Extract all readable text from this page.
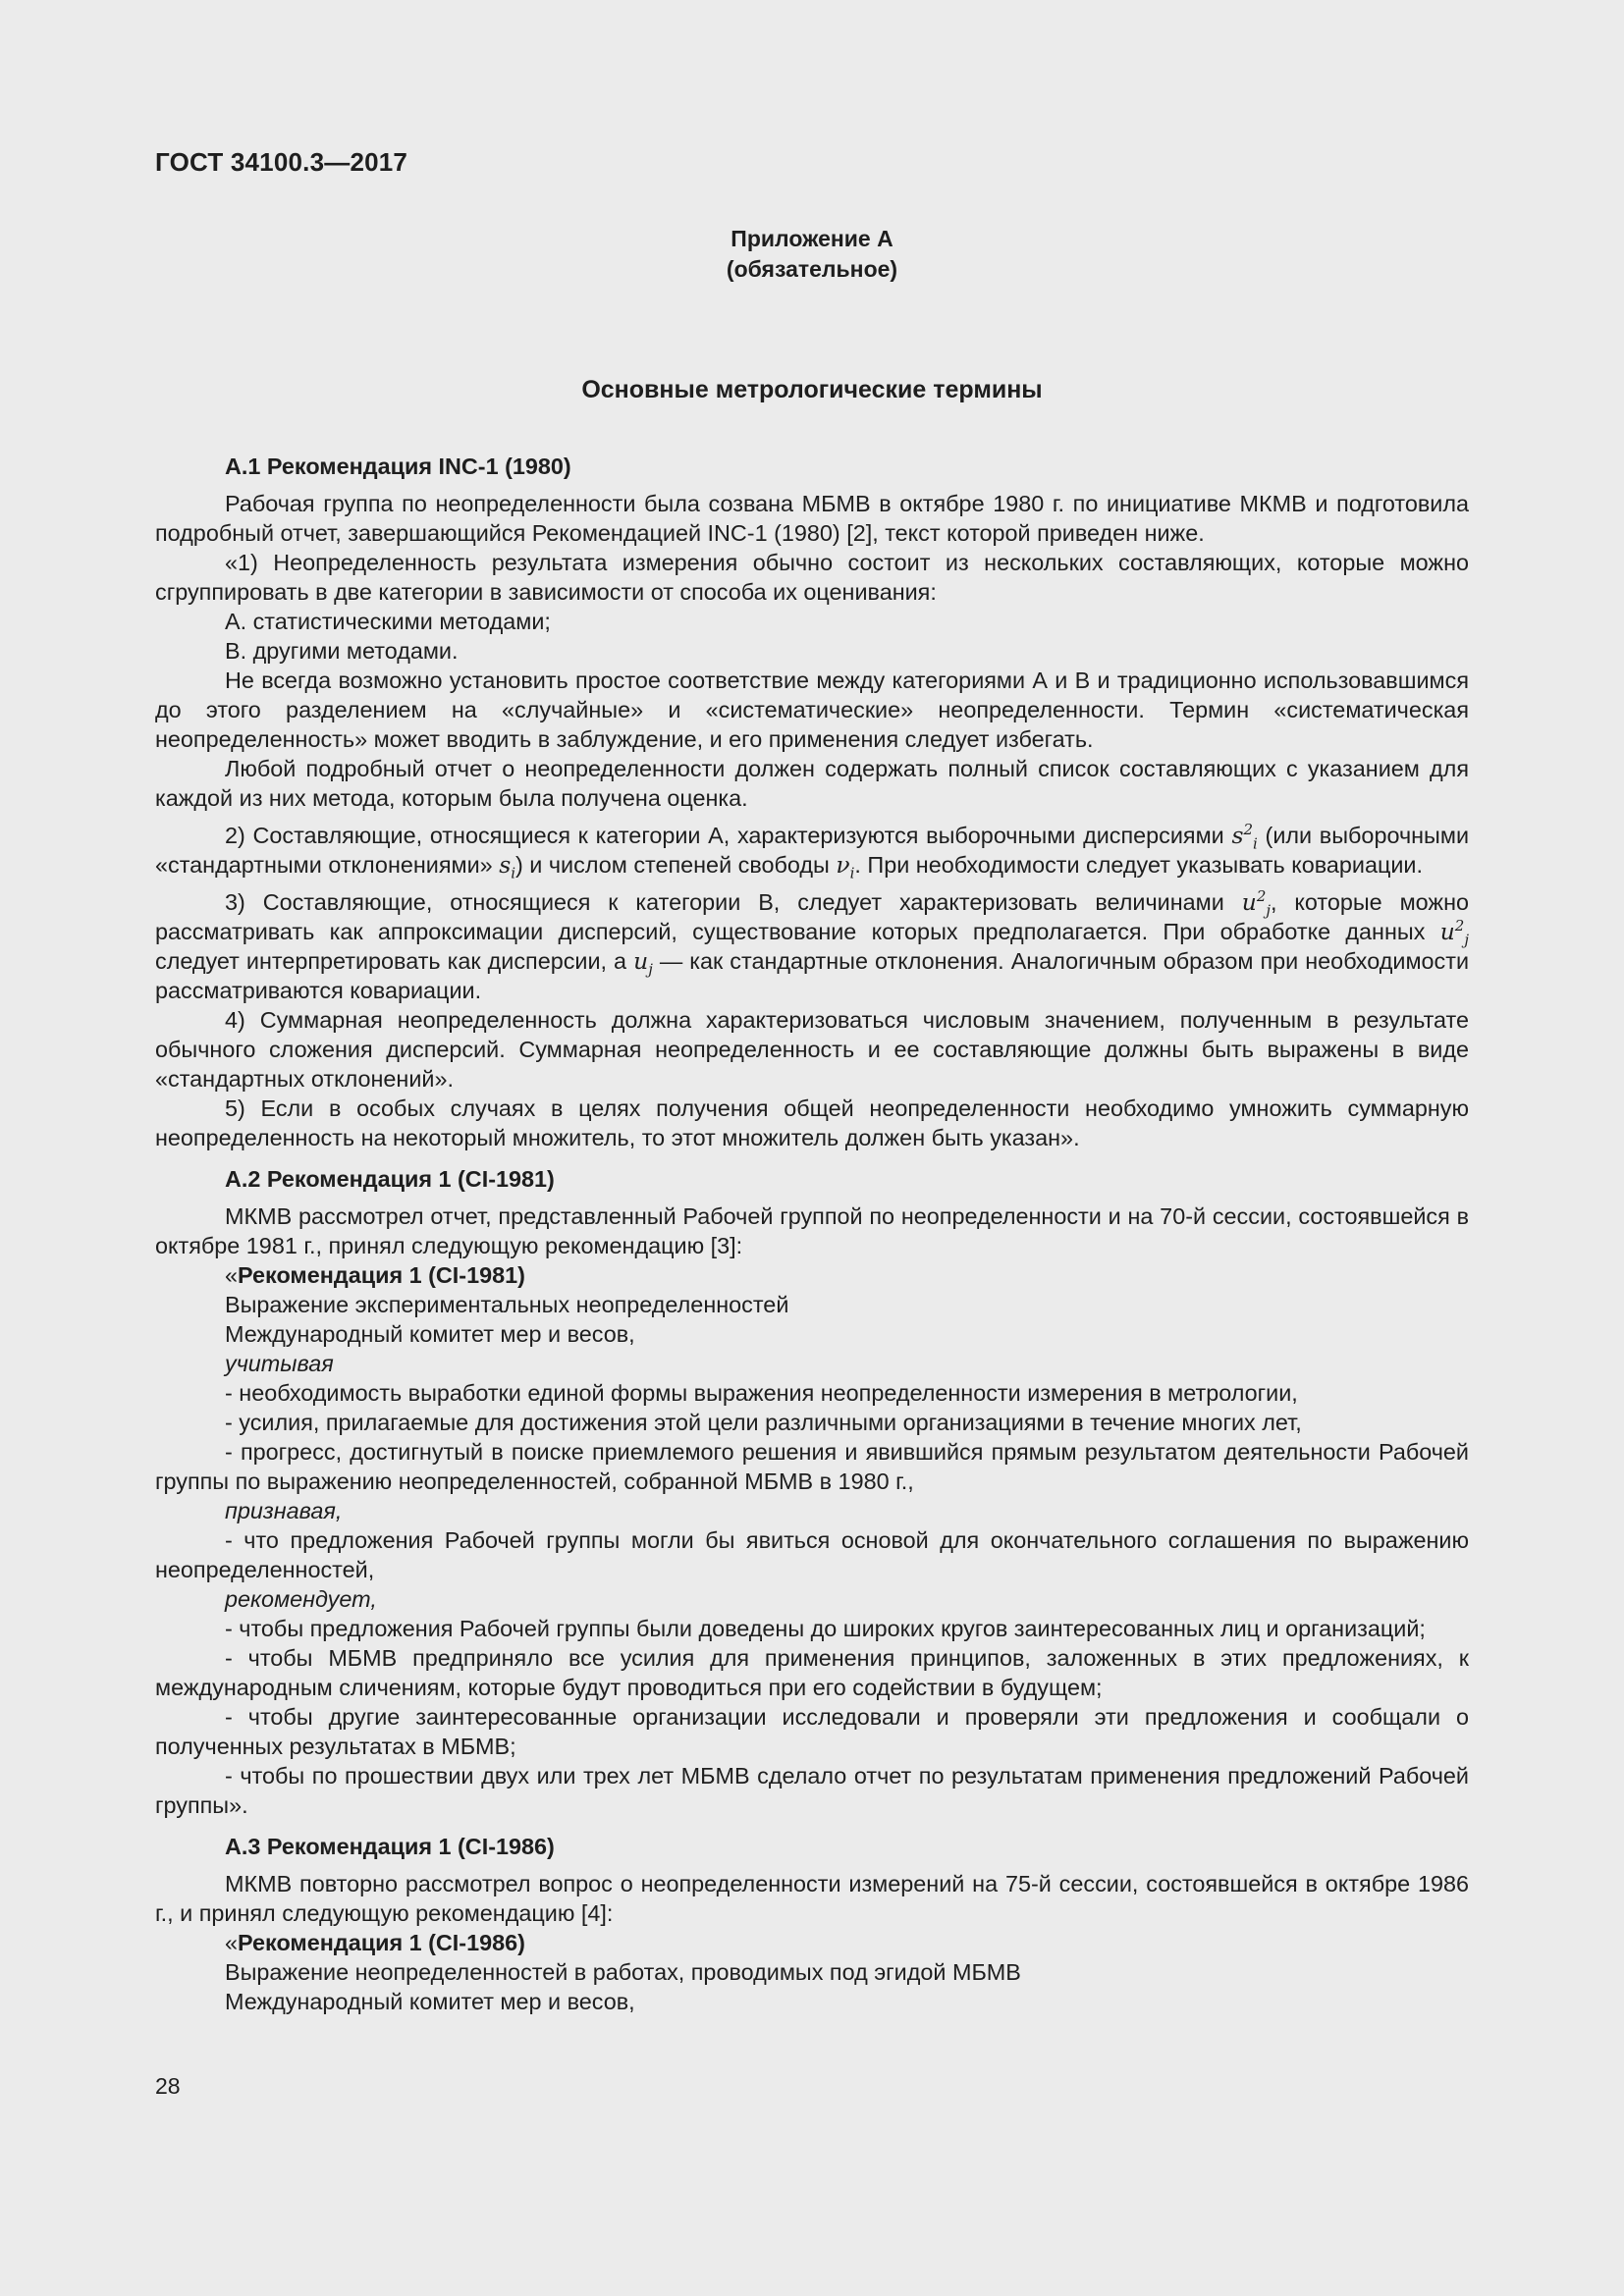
ГОСТ 34100.3—2017
Приложение А
(обязательное)
Основные метрологические термины

А.1 Рекомендация INC-1 (1980)

Рабочая группа по неопределенности была созвана МБМВ в октябре 1980 г. по инициативе МКМВ и подготовила подробный отчет, завершающийся Рекомендацией INC-1 (1980) [2], текст которой приведен ниже.

«1) Неопределенность результата измерения обычно состоит из нескольких составляющих, которые можно сгруппировать в две категории в зависимости от способа их оценивания:

А. статистическими методами;

В. другими методами.

Не всегда возможно установить простое соответствие между категориями А и В и традиционно использовавшимся до этого разделением на «случайные» и «систематические» неопределенности. Термин «систематическая неопределенность» может вводить в заблуждение, и его применения следует избегать.

Любой подробный отчет о неопределенности должен содержать полный список составляющих с указанием для каждой из них метода, которым была получена оценка.

2) Составляющие, относящиеся к категории А, характеризуются выборочными дисперсиями $s^2_i$ (или выборочными «стандартными отклонениями» $s_i$) и числом степеней свободы $\nu_i$. При необходимости следует указывать ковариации.

3) Составляющие, относящиеся к категории В, следует характеризовать величинами $u^2_j$, которые можно рассматривать как аппроксимации дисперсий, существование которых предполагается. При обработке данных $u^2_j$ следует интерпретировать как дисперсии, а $u_j$ — как стандартные отклонения. Аналогичным образом при необходимости рассматриваются ковариации.

4) Суммарная неопределенность должна характеризоваться числовым значением, полученным в результате обычного сложения дисперсий. Суммарная неопределенность и ее составляющие должны быть выражены в виде «стандартных отклонений».

5) Если в особых случаях в целях получения общей неопределенности необходимо умножить суммарную неопределенность на некоторый множитель, то этот множитель должен быть указан».

А.2 Рекомендация 1 (CI-1981)

МКМВ рассмотрел отчет, представленный Рабочей группой по неопределенности и на 70-й сессии, состоявшейся в октябре 1981 г., принял следующую рекомендацию [3]:

«Рекомендация 1 (CI-1981)

Выражение экспериментальных неопределенностей

Международный комитет мер и весов,

учитывая

- необходимость выработки единой формы выражения неопределенности измерения в метрологии,

- усилия, прилагаемые для достижения этой цели различными организациями в течение многих лет,

- прогресс, достигнутый в поиске приемлемого решения и явившийся прямым результатом деятельности Рабочей группы по выражению неопределенностей, собранной МБМВ в 1980 г.,

признавая,

- что предложения Рабочей группы могли бы явиться основой для окончательного соглашения по выражению неопределенностей,

рекомендует,

- чтобы предложения Рабочей группы были доведены до широких кругов заинтересованных лиц и организаций;

- чтобы МБМВ предприняло все усилия для применения принципов, заложенных в этих предложениях, к международным сличениям, которые будут проводиться при его содействии в будущем;

- чтобы другие заинтересованные организации исследовали и проверяли эти предложения и сообщали о полученных результатах в МБМВ;

- чтобы по прошествии двух или трех лет МБМВ сделало отчет по результатам применения предложений Рабочей группы».

А.3 Рекомендация 1 (CI-1986)

МКМВ повторно рассмотрел вопрос о неопределенности измерений на 75-й сессии, состоявшейся в октябре 1986 г., и принял следующую рекомендацию [4]:

«Рекомендация 1 (CI-1986)

Выражение неопределенностей в работах, проводимых под эгидой МБМВ

Международный комитет мер и весов,

28
